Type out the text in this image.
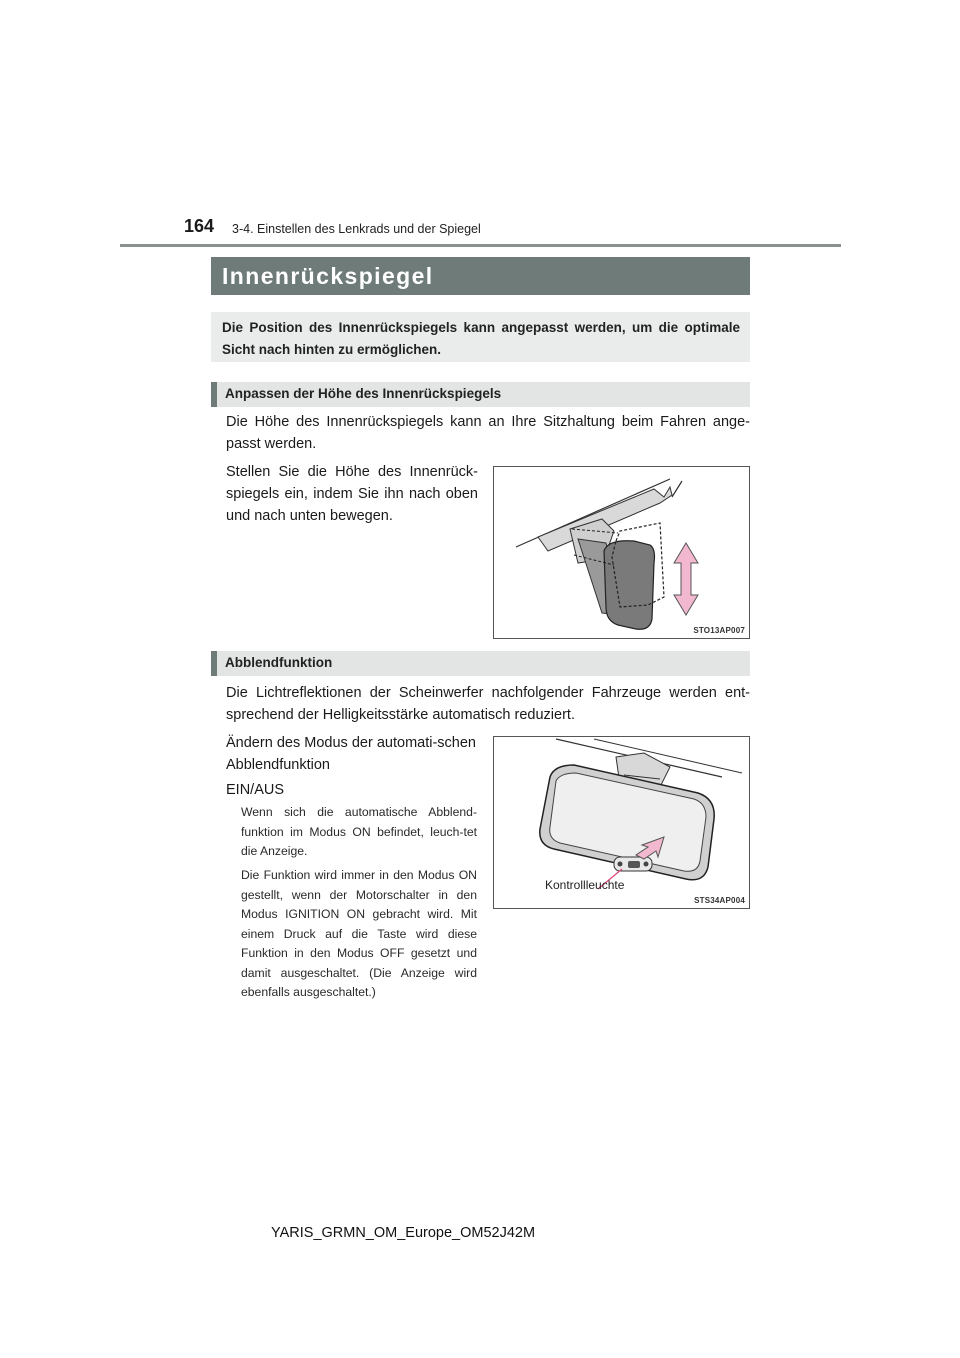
164 3-4. Einstellen des Lenkrads und der Spiegel
Innenrückspiegel
Die Position des Innenrückspiegels kann angepasst werden, um die optimale Sicht nach hinten zu ermöglichen.
Anpassen der Höhe des Innenrückspiegels
Die Höhe des Innenrückspiegels kann an Ihre Sitzhaltung beim Fahren ange-passt werden.
Stellen Sie die Höhe des Innenrück-spiegels ein, indem Sie ihn nach oben und nach unten bewegen.
STO13AP007
Abblendfunktion
Die Lichtreflektionen der Scheinwerfer nachfolgender Fahrzeuge werden ent-sprechend der Helligkeitsstärke automatisch reduziert.
Ändern des Modus der automati-schen Abblendfunktion
EIN/AUS
Wenn sich die automatische Abblend-funktion im Modus ON befindet, leuch-tet die Anzeige.
Die Funktion wird immer in den Modus ON gestellt, wenn der Motorschalter in den Modus IGNITION ON gebracht wird. Mit einem Druck auf die Taste wird diese Funktion in den Modus OFF gesetzt und damit ausgeschaltet. (Die Anzeige wird ebenfalls ausgeschaltet.)
Kontrollleuchte
STS34AP004
YARIS_GRMN_OM_Europe_OM52J42M
